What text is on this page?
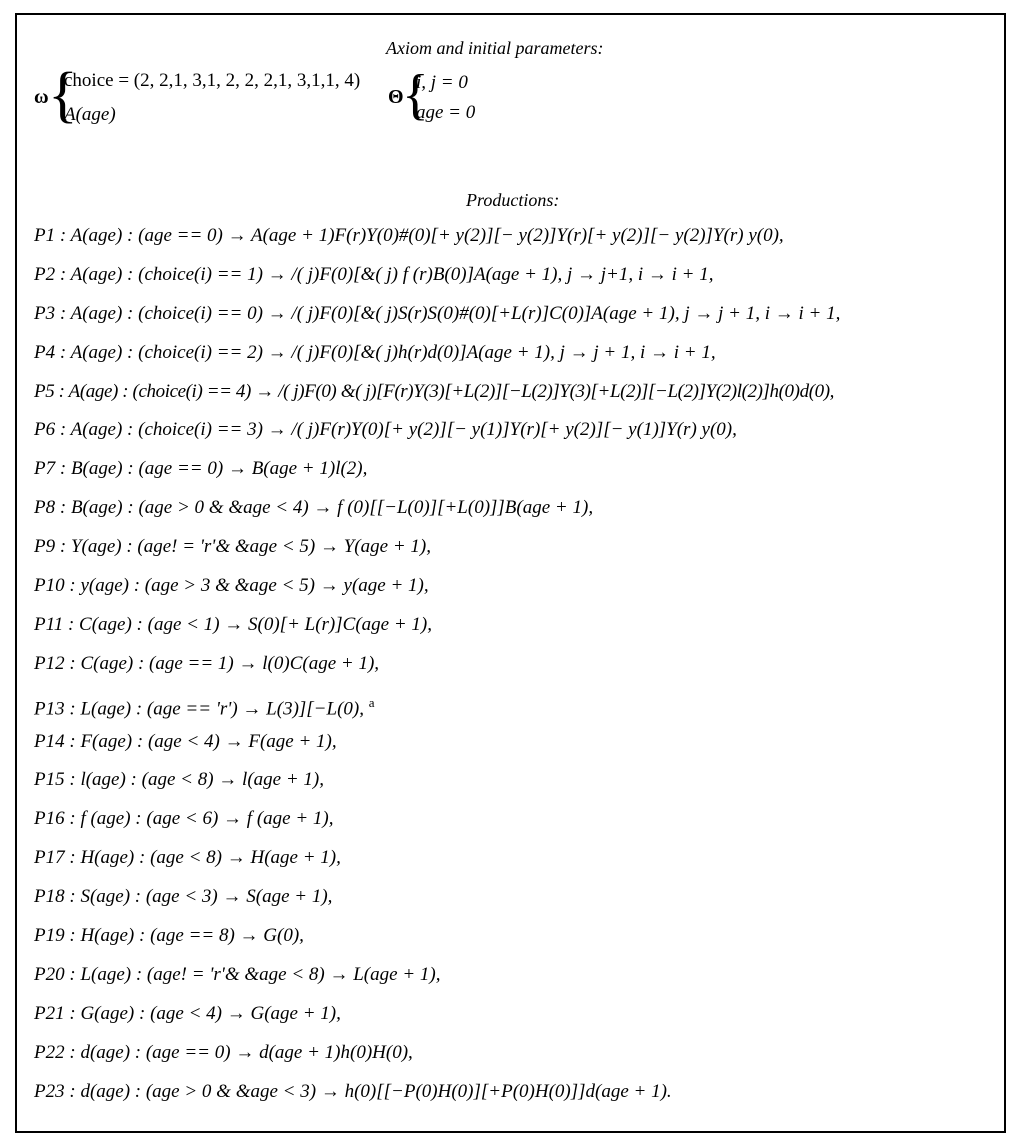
Axiom and initial parameters:
ω {
choice = (2, 2,1, 3,1, 2, 2, 2,1, 3,1,1, 4)
A(age)
Θ
{
i, j = 0
age = 0
Productions:
P1 : A(age) : (age == 0) → A(age + 1)F(r)Y(0)#(0)[+ y(2)][− y(2)]Y(r)[+ y(2)][− y(2)]Y(r) y(0),
P2 : A(age) : (choice(i) == 1) → /( j)F(0)[&( j) f (r)B(0)]A(age + 1), j → j+1, i → i + 1,
P3 : A(age) : (choice(i) == 0) → /( j)F(0)[&( j)S(r)S(0)#(0)[+L(r)]C(0)]A(age + 1), j → j + 1, i → i + 1,
P4 : A(age) : (choice(i) == 2) → /( j)F(0)[&( j)h(r)d(0)]A(age + 1), j → j + 1, i → i + 1,
P5 : A(age) : (choice(i) == 4) → /( j)F(0) &( j)[F(r)Y(3)[+L(2)][−L(2)]Y(3)[+L(2)][−L(2)]Y(2)l(2)]h(0)d(0),
P6 : A(age) : (choice(i) == 3) → /( j)F(r)Y(0)[+ y(2)][− y(1)]Y(r)[+ y(2)][− y(1)]Y(r) y(0),
P7 : B(age) : (age == 0) → B(age + 1)l(2),
P8 : B(age) : (age > 0 & &age < 4) → f (0)[[−L(0)][+L(0)]]B(age + 1),
P9 : Y(age) : (age! = 'r'& &age < 5) → Y(age + 1),
P10 : y(age) : (age > 3 & &age < 5) → y(age + 1),
P11 : C(age) : (age < 1) → S(0)[+ L(r)]C(age + 1),
P12 : C(age) : (age == 1) → l(0)C(age + 1),
P13 : L(age) : (age == 'r') → L(3)][−L(0), $^a$
P14 : F(age) : (age < 4) → F(age + 1),
P15 : l(age) : (age < 8) → l(age + 1),
P16 : f (age) : (age < 6) → f (age + 1),
P17 : H(age) : (age < 8) → H(age + 1),
P18 : S(age) : (age < 3) → S(age + 1),
P19 : H(age) : (age == 8) → G(0),
P20 : L(age) : (age! = 'r'& &age < 8) → L(age + 1),
P21 : G(age) : (age < 4) → G(age + 1),
P22 : d(age) : (age == 0) → d(age + 1)h(0)H(0),
P23 : d(age) : (age > 0 & &age < 3) → h(0)[[−P(0)H(0)][+P(0)H(0)]]d(age + 1).
